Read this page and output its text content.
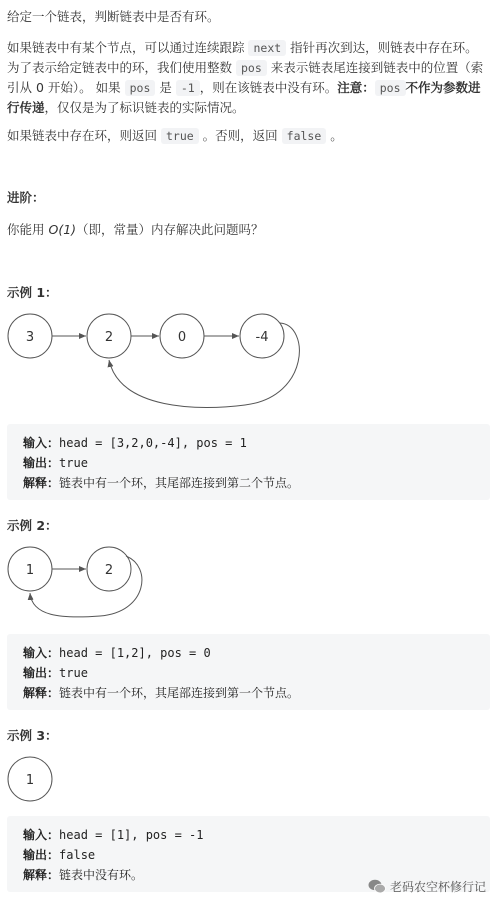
给定一个链表，判断链表中是否有环。
如果链表中有某个节点，可以通过连续跟踪 next 指针再次到达，则链表中存在环。 为了表示给定链表中的环，我们使用整数 pos 来表示链表尾连接到链表中的位置（索引从 0 开始）。 如果 pos 是 -1 ，则在该链表中没有环。注意： pos 不作为参数进行传递，仅仅是为了标识链表的实际情况。
如果链表中存在环，则返回 true 。否则，返回 false 。
进阶：
你能用 O(1)（即，常量）内存解决此问题吗？
示例 1：
3	2	0	-4
输入：head = [3,2,0,-4], pos = 1
输出：true
解释：链表中有一个环，其尾部连接到第二个节点。
示例 2：
1	2
输入：head = [1,2], pos = 0
输出：true
解释：链表中有一个环，其尾部连接到第一个节点。
示例 3：
1
输入：head = [1], pos = -1
输出：false
解释：链表中没有环。
老码农空杯修行记
